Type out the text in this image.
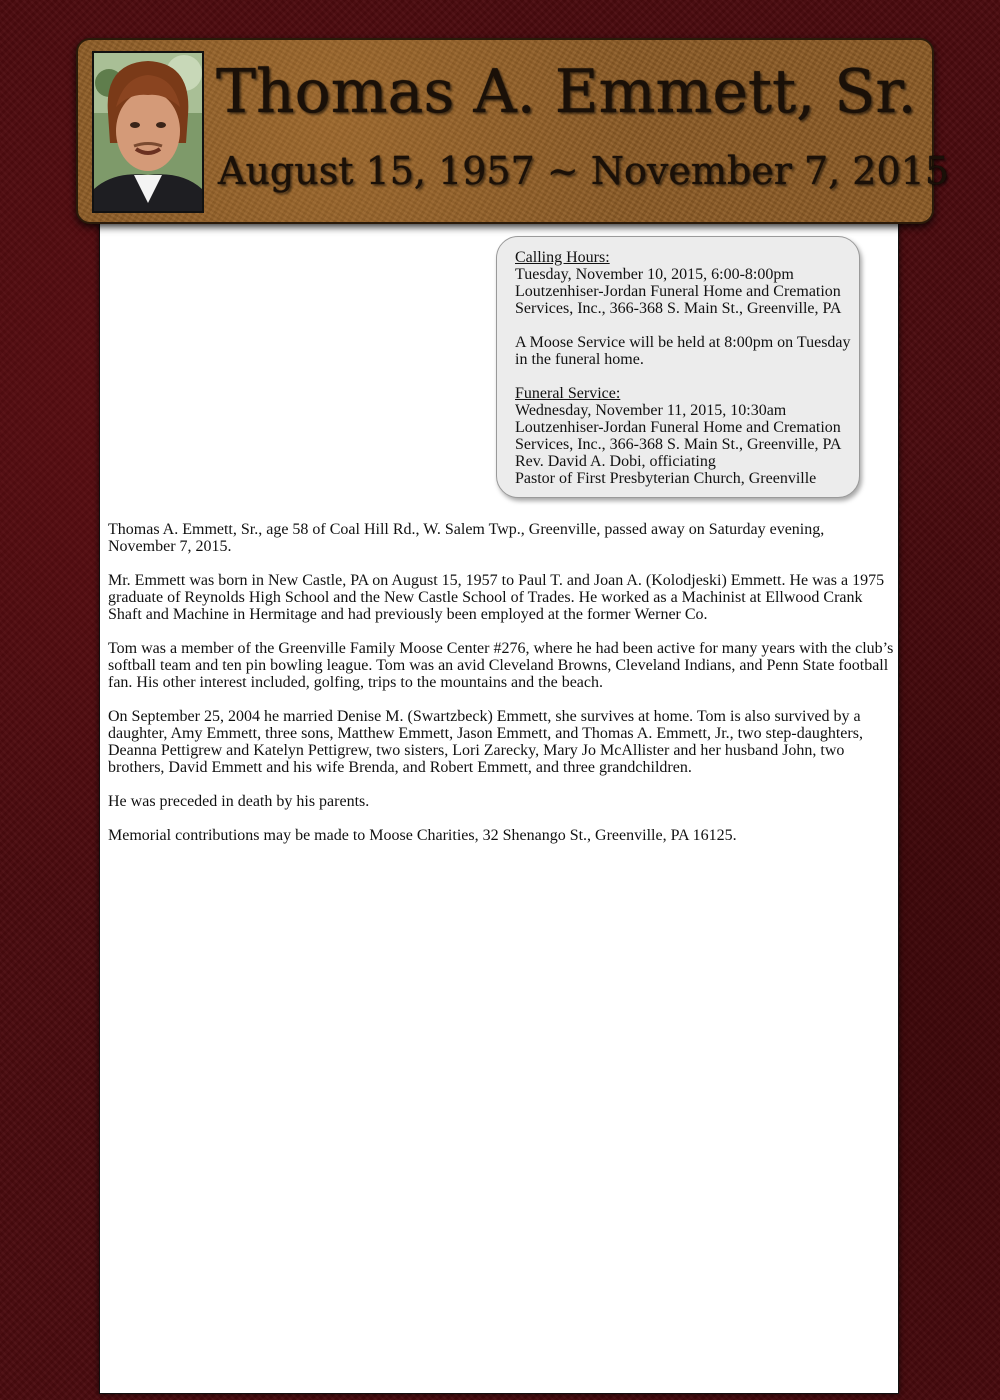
Calling Hours:
Tuesday, November 10, 2015, 6:00-8:00pm
Loutzenhiser-Jordan Funeral Home and Cremation Services, Inc., 366-368 S. Main St., Greenville, PA

A Moose Service will be held at 8:00pm on Tuesday in the funeral home.

Funeral Service:
Wednesday, November 11, 2015, 10:30am
Loutzenhiser-Jordan Funeral Home and Cremation Services, Inc., 366-368 S. Main St., Greenville, PA
Rev. David A. Dobi, officiating
Pastor of First Presbyterian Church, Greenville

Thomas A. Emmett, Sr., age 58 of Coal Hill Rd., W. Salem Twp., Greenville, passed away on Saturday evening, November 7, 2015.

Mr. Emmett was born in New Castle, PA on August 15, 1957 to Paul T. and Joan A. (Kolodjeski) Emmett. He was a 1975 graduate of Reynolds High School and the New Castle School of Trades. He worked as a Machinist at Ellwood Crank Shaft and Machine in Hermitage and had previously been employed at the former Werner Co.

Tom was a member of the Greenville Family Moose Center #276, where he had been active for many years with the club’s softball team and ten pin bowling league. Tom was an avid Cleveland Browns, Cleveland Indians, and Penn State football fan. His other interest included, golfing, trips to the mountains and the beach.

On September 25, 2004 he married Denise M. (Swartzbeck) Emmett, she survives at home. Tom is also survived by a daughter, Amy Emmett, three sons, Matthew Emmett, Jason Emmett, and Thomas A. Emmett, Jr., two step-daughters, Deanna Pettigrew and Katelyn Pettigrew, two sisters, Lori Zarecky, Mary Jo McAllister and her husband John, two brothers, David Emmett and his wife Brenda, and Robert Emmett, and three grandchildren.

He was preceded in death by his parents.

Memorial contributions may be made to Moose Charities, 32 Shenango St., Greenville, PA 16125.

Thomas A. Emmett, Sr.
August 15, 1957 ~ November 7, 2015
